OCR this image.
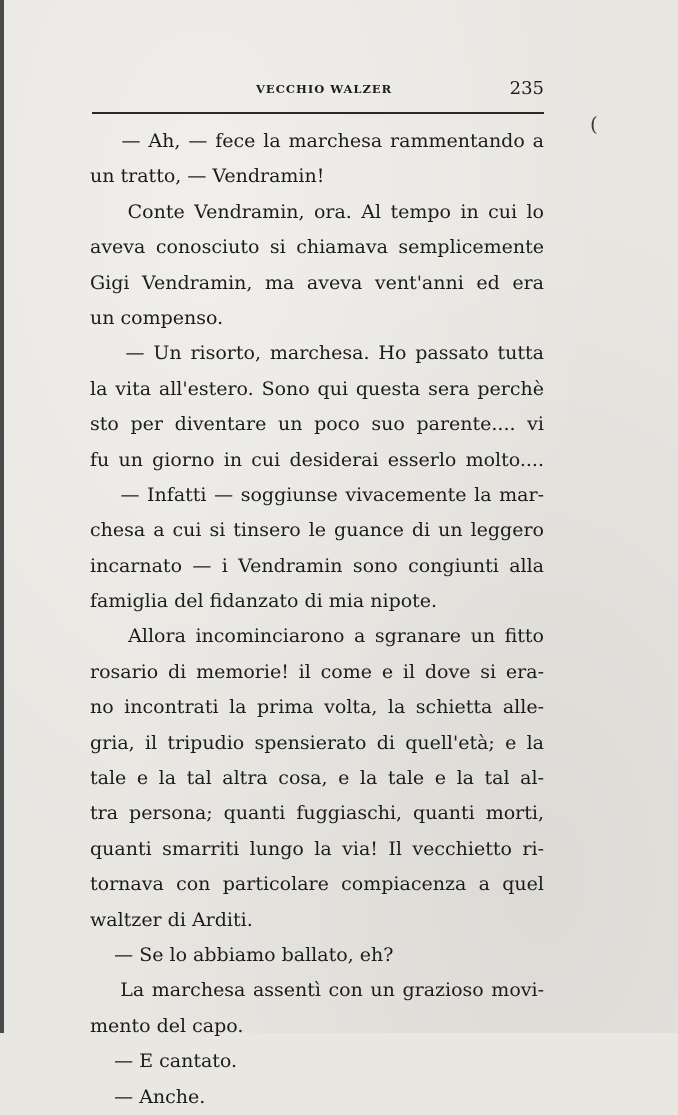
VECCHIO WALZER	235
(
— Ah, — fece la marchesa rammentando a
un tratto, — Vendramin!
Conte Vendramin, ora. Al tempo in cui lo
aveva conosciuto si chiamava semplicemente
Gigi Vendramin, ma aveva vent'anni ed era
un compenso.
— Un risorto, marchesa. Ho passato tutta
la vita all'estero. Sono qui questa sera perchè
sto per diventare un poco suo parente.... vi
fu un giorno in cui desiderai esserlo molto....
— Infatti — soggiunse vivacemente la mar-
chesa a cui si tinsero le guance di un leggero
incarnato — i Vendramin sono congiunti alla
famiglia del fidanzato di mia nipote.
Allora incominciarono a sgranare un fitto
rosario di memorie! il come e il dove si era-
no incontrati la prima volta, la schietta alle-
gria, il tripudio spensierato di quell'età; e la
tale e la tal altra cosa, e la tale e la tal al-
tra persona; quanti fuggiaschi, quanti morti,
quanti smarriti lungo la via! Il vecchietto ri-
tornava con particolare compiacenza a quel
waltzer di Arditi.
— Se lo abbiamo ballato, eh?
La marchesa assentì con un grazioso movi-
mento del capo.
— E cantato.
— Anche.
